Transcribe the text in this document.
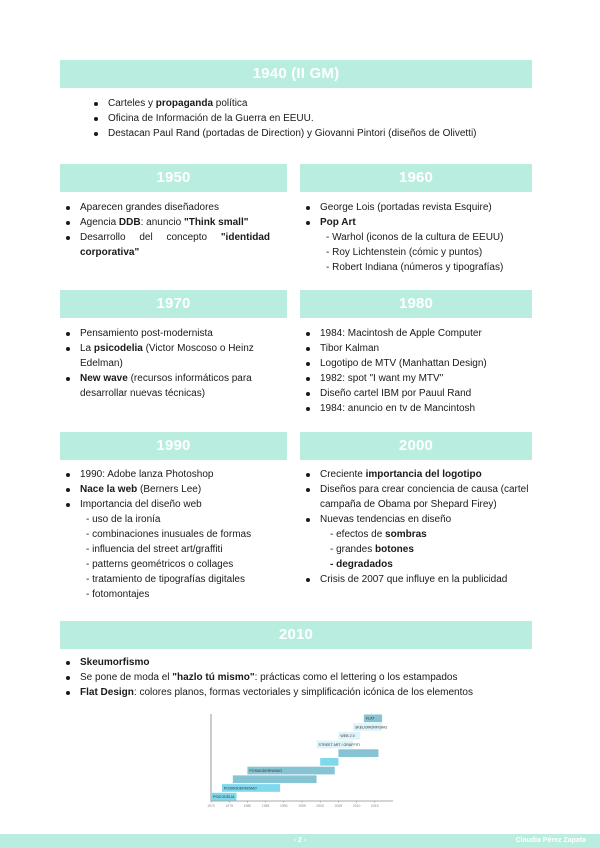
1940 (II GM)
Carteles y propaganda política
Oficina de Información de la Guerra en EEUU.
Destacan Paul Rand (portadas de Direction) y Giovanni Pintori (diseños de Olivetti)
1950
Aparecen grandes diseñadores
Agencia DDB: anuncio "Think small"
Desarrollo del concepto "identidad corporativa"
1960
George Lois (portadas revista Esquire)
Pop Art
- Warhol (iconos de la cultura de EEUU)
- Roy Lichtenstein (cómic y puntos)
- Robert Indiana (números y tipografías)
1970
Pensamiento post-modernista
La psicodelia (Victor Moscoso o Heinz Edelman)
New wave (recursos informáticos para desarrollar nuevas técnicas)
1980
1984: Macintosh de Apple Computer
Tibor Kalman
Logotipo de MTV (Manhattan Design)
1982: spot "I want my MTV"
Diseño cartel IBM por Pauul Rand
1984: anuncio en tv de Mancintosh
1990
1990: Adobe lanza Photoshop
Nace la web (Berners Lee)
Importancia del diseño web
- uso de la ironía
- combinaciones inusuales de formas
- influencia del street art/graffiti
- patterns geométricos o collages
- tratamiento de tipografías digitales
- fotomontajes
2000
Creciente importancia del logotipo
Diseños para crear conciencia de causa (cartel campaña de Obama por Shepard Firey)
Nuevas tendencias en diseño
- efectos de sombras
- grandes botones
- degradados
Crisis de 2007 que influye en la publicidad
2010
Skeumorfismo
Se pone de moda el "hazlo tú mismo": prácticas como el lettering o los estampados
Flat Design: colores planos, formas vectoriales y simplificación icónica de los elementos
PSICODELIA
POSMODERNISMO
POSMODERNISMO
STREET ART / GRAFFITI
WEB 2.0
SKEUOMORFISMO
FLAT
1970	1975	1980	1985	1990	1995	2000	2005	2010	2015
- 2 -	Claudia Pérez Zapata
